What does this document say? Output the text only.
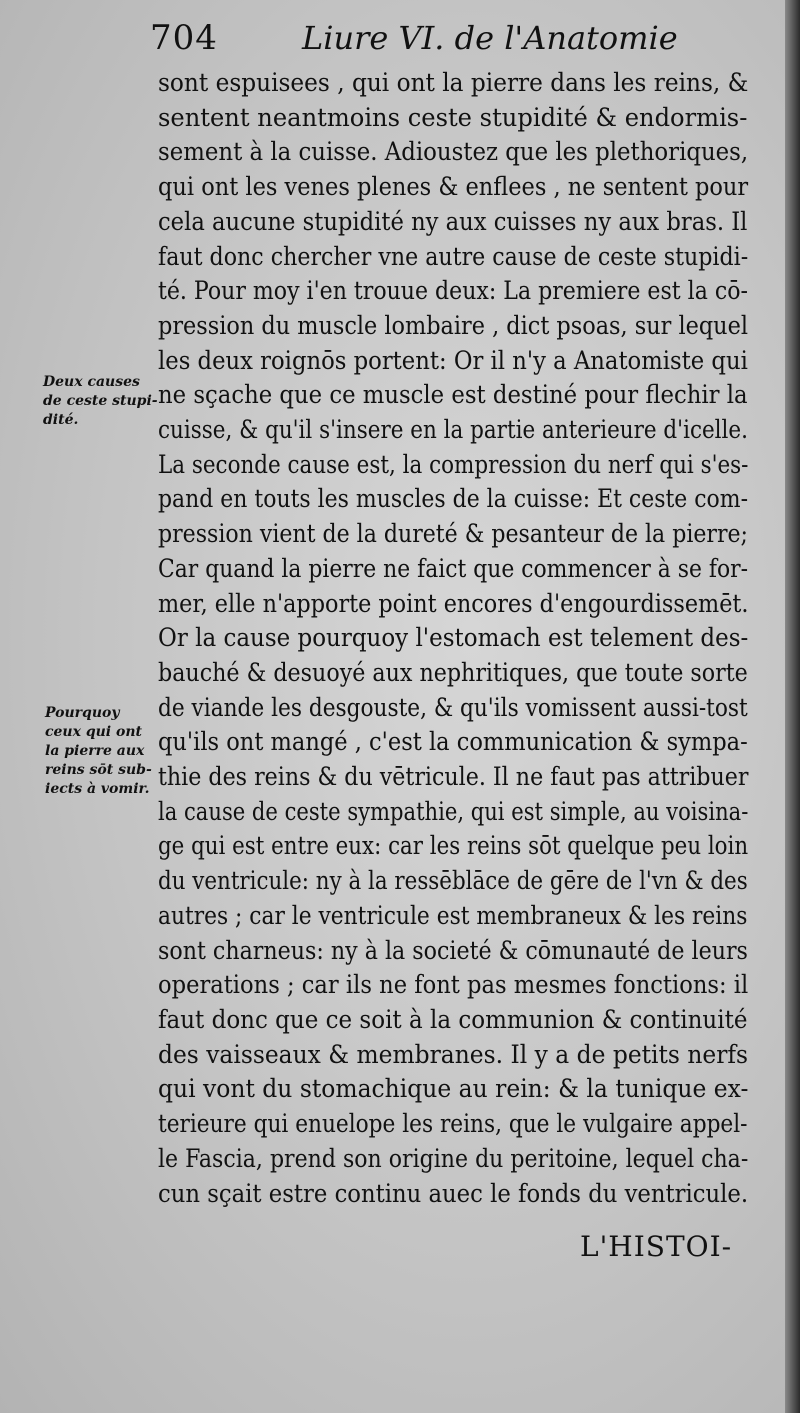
704	Liure VI. de l'Anatomie
Deux causes
de ceste stupi-
dité.
Pourquoy
ceux qui ont
la pierre aux
reins sōt sub-
iects à vomir.
sont espuisees , qui ont la pierre dans les reins, &
sentent neantmoins ceste stupidité & endormis-
sement à la cuisse. Adioustez que les plethoriques,
qui ont les venes plenes & enflees , ne sentent pour
cela aucune stupidité ny aux cuisses ny aux bras. Il
faut donc chercher vne autre cause de ceste stupidi-
té. Pour moy i'en trouue deux: La premiere est la cō-
pression du muscle lombaire , dict psoas, sur lequel
les deux roignōs portent: Or il n'y a Anatomiste qui
ne sçache que ce muscle est destiné pour flechir la
cuisse, & qu'il s'insere en la partie anterieure d'icelle.
La seconde cause est, la compression du nerf qui s'es-
pand en touts les muscles de la cuisse: Et ceste com-
pression vient de la dureté & pesanteur de la pierre;
Car quand la pierre ne faict que commencer à se for-
mer, elle n'apporte point encores d'engourdissemēt.
Or la cause pourquoy l'estomach est telement des-
bauché & desuoyé aux nephritiques, que toute sorte
de viande les desgouste, & qu'ils vomissent aussi-tost
qu'ils ont mangé , c'est la communication & sympa-
thie des reins & du vētricule. Il ne faut pas attribuer
la cause de ceste sympathie, qui est simple, au voisina-
ge qui est entre eux: car les reins sōt quelque peu loin
du ventricule: ny à la ressēblāce de gēre de l'vn & des
autres ; car le ventricule est membraneux & les reins
sont charneus: ny à la societé & cōmunauté de leurs
operations ; car ils ne font pas mesmes fonctions: il
faut donc que ce soit à la communion & continuité
des vaisseaux & membranes. Il y a de petits nerfs
qui vont du stomachique au rein: & la tunique ex-
terieure qui enuelope les reins, que le vulgaire appel-
le Fascia, prend son origine du peritoine, lequel cha-
cun sçait estre continu auec le fonds du ventricule.
L'HISTOI-
